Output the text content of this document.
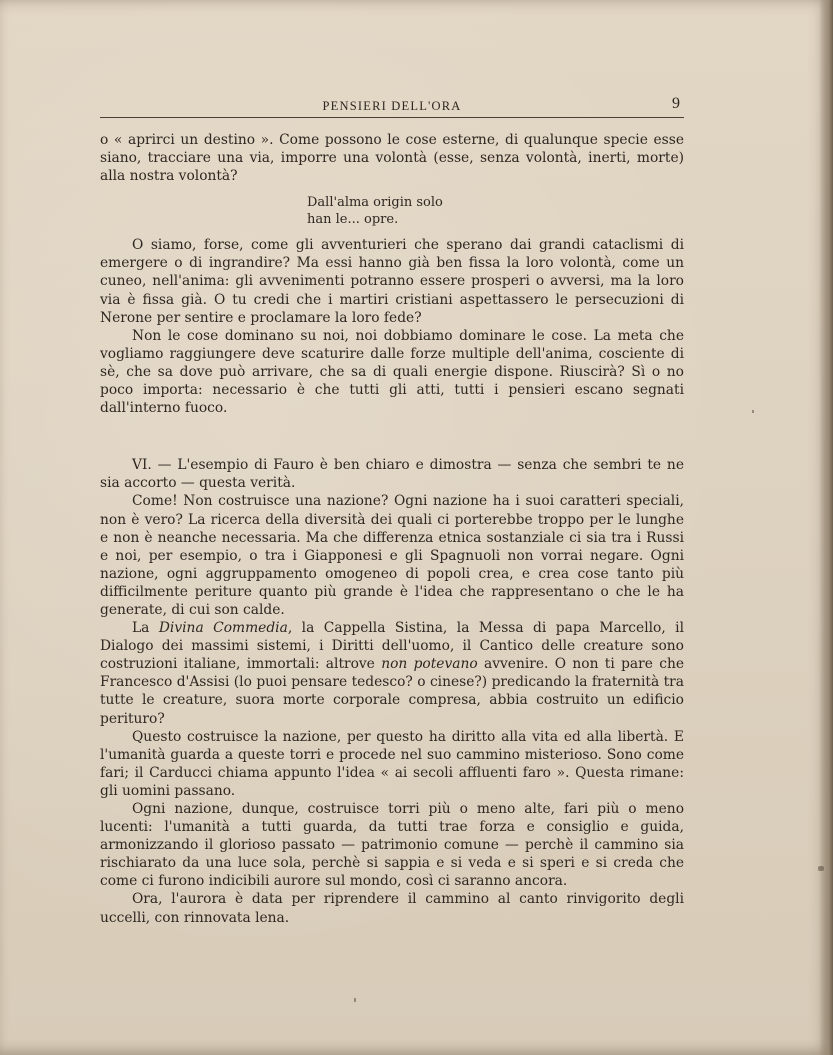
PENSIERI DELL'ORA	9

o « aprirci un destino ». Come possono le cose esterne, di qualunque specie esse siano, tracciare una via, imporre una volontà (esse, senza volontà, inerti, morte) alla nostra volontà?

Dall'alma origin solo
han le... opre.

O siamo, forse, come gli avventurieri che sperano dai grandi cataclismi di emergere o di ingrandire? Ma essi hanno già ben fissa la loro volontà, come un cuneo, nell'anima: gli avvenimenti potranno essere prosperi o avversi, ma la loro via è fissa già. O tu credi che i martiri cristiani aspettassero le persecuzioni di Nerone per sentire e proclamare la loro fede?

Non le cose dominano su noi, noi dobbiamo dominare le cose. La meta che vogliamo raggiungere deve scaturire dalle forze multiple dell'anima, cosciente di sè, che sa dove può arrivare, che sa di quali energie dispone. Riuscirà? Sì o no poco importa: necessario è che tutti gli atti, tutti i pensieri escano segnati dall'interno fuoco.

VI. — L'esempio di Fauro è ben chiaro e dimostra — senza che sembri te ne sia accorto — questa verità.

Come! Non costruisce una nazione? Ogni nazione ha i suoi caratteri speciali, non è vero? La ricerca della diversità dei quali ci porterebbe troppo per le lunghe e non è neanche necessaria. Ma che differenza etnica sostanziale ci sia tra i Russi e noi, per esempio, o tra i Giapponesi e gli Spagnuoli non vorrai negare. Ogni nazione, ogni aggruppamento omogeneo di popoli crea, e crea cose tanto più difficilmente periture quanto più grande è l'idea che rappresentano o che le ha generate, di cui son calde.

La Divina Commedia, la Cappella Sistina, la Messa di papa Marcello, il Dialogo dei massimi sistemi, i Diritti dell'uomo, il Cantico delle creature sono costruzioni italiane, immortali: altrove non potevano avvenire. O non ti pare che Francesco d'Assisi (lo puoi pensare tedesco? o cinese?) predicando la fraternità tra tutte le creature, suora morte corporale compresa, abbia costruito un edificio perituro?

Questo costruisce la nazione, per questo ha diritto alla vita ed alla libertà. E l'umanità guarda a queste torri e procede nel suo cammino misterioso. Sono come fari; il Carducci chiama appunto l'idea « ai secoli affluenti faro ». Questa rimane: gli uomini passano.

Ogni nazione, dunque, costruisce torri più o meno alte, fari più o meno lucenti: l'umanità a tutti guarda, da tutti trae forza e consiglio e guida, armonizzando il glorioso passato — patrimonio comune — perchè il cammino sia rischiarato da una luce sola, perchè si sappia e si veda e si speri e si creda che come ci furono indicibili aurore sul mondo, così ci saranno ancora.

Ora, l'aurora è data per riprendere il cammino al canto rinvigorito degli uccelli, con rinnovata lena.
